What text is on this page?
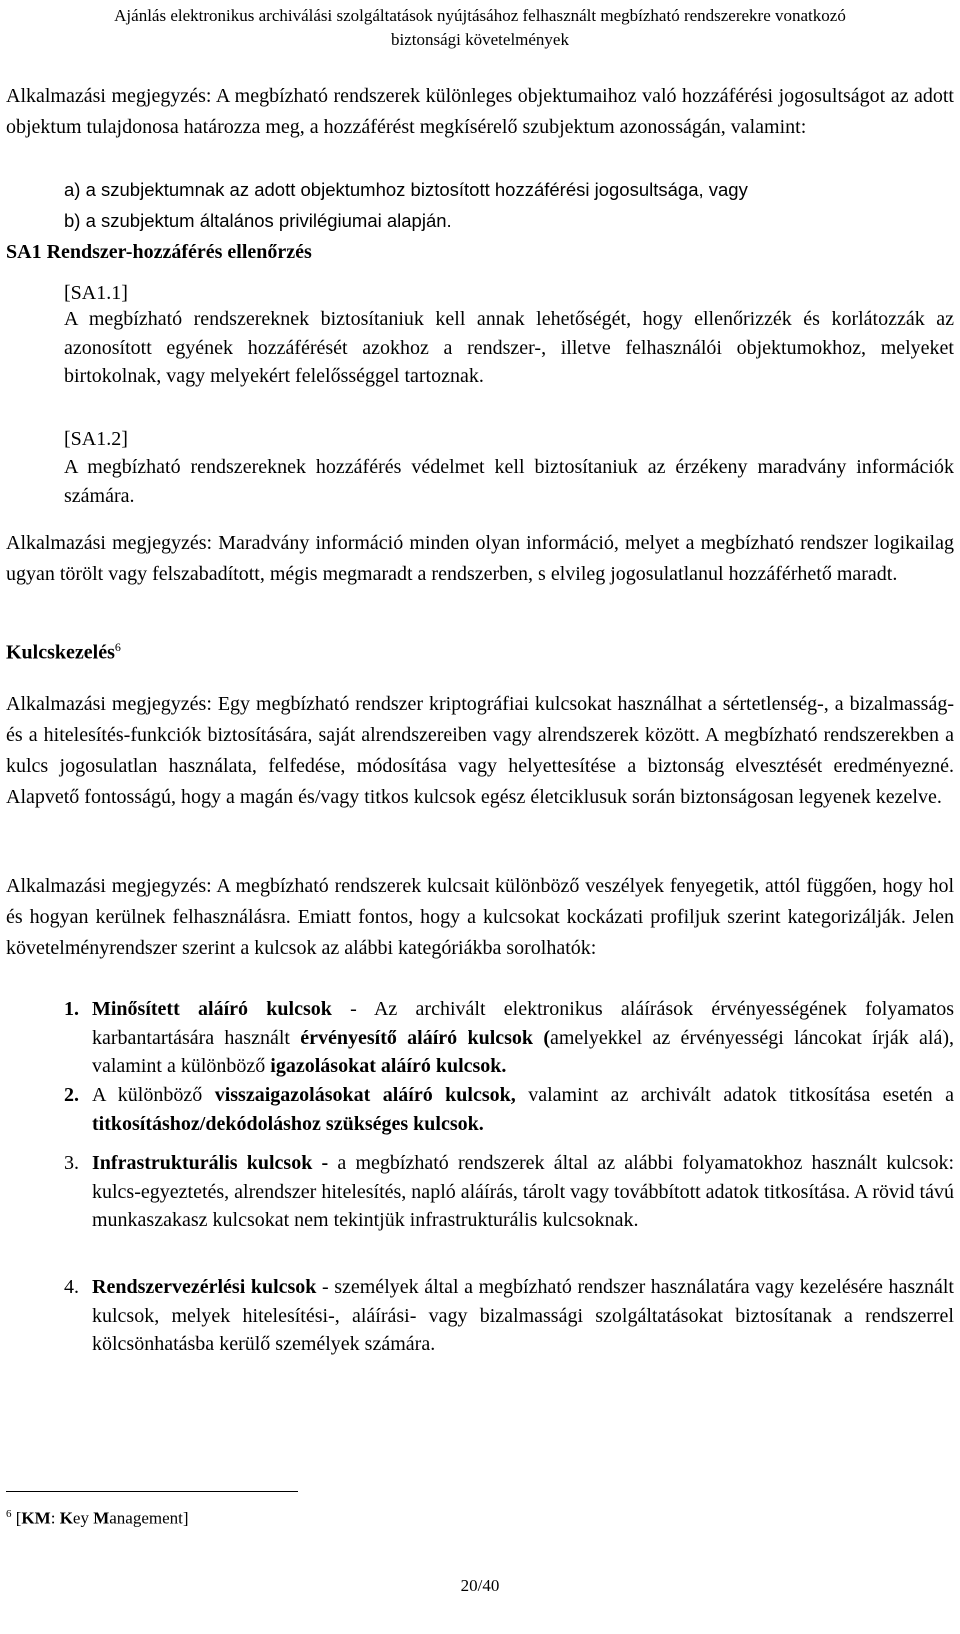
Ajánlás elektronikus archiválási szolgáltatások nyújtásához felhasznált megbízható rendszerekre vonatkozó
biztonsági követelmények

Alkalmazási megjegyzés: A megbízható rendszerek különleges objektumaihoz való hozzáférési jogosultságot az adott objektum tulajdonosa határozza meg, a hozzáférést megkísérelő szubjektum azonosságán, valamint:

a) a szubjektumnak az adott objektumhoz biztosított hozzáférési jogosultsága, vagy
b) a szubjektum általános privilégiumai alapján.
SA1 Rendszer-hozzáférés ellenőrzés
[SA1.1]

A megbízható rendszereknek biztosítaniuk kell annak lehetőségét, hogy ellenőrizzék és korlátozzák az azonosított egyének hozzáférését azokhoz a rendszer-, illetve felhasználói objektumokhoz, melyeket birtokolnak, vagy melyekért felelősséggel tartoznak.

[SA1.2]

A megbízható rendszereknek hozzáférés védelmet kell biztosítaniuk az érzékeny maradvány információk számára.

Alkalmazási megjegyzés: Maradvány információ minden olyan információ, melyet a megbízható rendszer logikailag ugyan törölt vagy felszabadított, mégis megmaradt a rendszerben, s elvileg jogosulatlanul hozzáférhető maradt.

Kulcskezelés$^6$

Alkalmazási megjegyzés: Egy megbízható rendszer kriptográfiai kulcsokat használhat a sértetlenség-, a bizalmasság- és a hitelesítés-funkciók biztosítására, saját alrendszereiben vagy alrendszerek között. A megbízható rendszerekben a kulcs jogosulatlan használata, felfedése, módosítása vagy helyettesítése a biztonság elvesztését eredményezné. Alapvető fontosságú, hogy a magán és/vagy titkos kulcsok egész életciklusuk során biztonságosan legyenek kezelve.

Alkalmazási megjegyzés: A megbízható rendszerek kulcsait különböző veszélyek fenyegetik, attól függően, hogy hol és hogyan kerülnek felhasználásra. Emiatt fontos, hogy a kulcsokat kockázati profiljuk szerint kategorizálják. Jelen követelményrendszer szerint a kulcsok az alábbi kategóriákba sorolhatók:

1. Minősített aláíró kulcsok - Az archivált elektronikus aláírások érvényességének folyamatos karbantartására használt érvényesítő aláíró kulcsok (amelyekkel az érvényességi láncokat írják alá), valamint a különböző igazolásokat aláíró kulcsok.
2. A különböző visszaigazolásokat aláíró kulcsok, valamint az archivált adatok titkosítása esetén a titkosításhoz/dekódoláshoz szükséges kulcsok.
3. Infrastrukturális kulcsok - a megbízható rendszerek által az alábbi folyamatokhoz használt kulcsok: kulcs-egyeztetés, alrendszer hitelesítés, napló aláírás, tárolt vagy továbbított adatok titkosítása. A rövid távú munkaszakasz kulcsokat nem tekintjük infrastrukturális kulcsoknak.
4. Rendszervezérlési kulcsok - személyek által a megbízható rendszer használatára vagy kezelésére használt kulcsok, melyek hitelesítési-, aláírási- vagy bizalmassági szolgáltatásokat biztosítanak a rendszerrel kölcsönhatásba kerülő személyek számára.
$^6$ [KM: Key Management]
20/40
